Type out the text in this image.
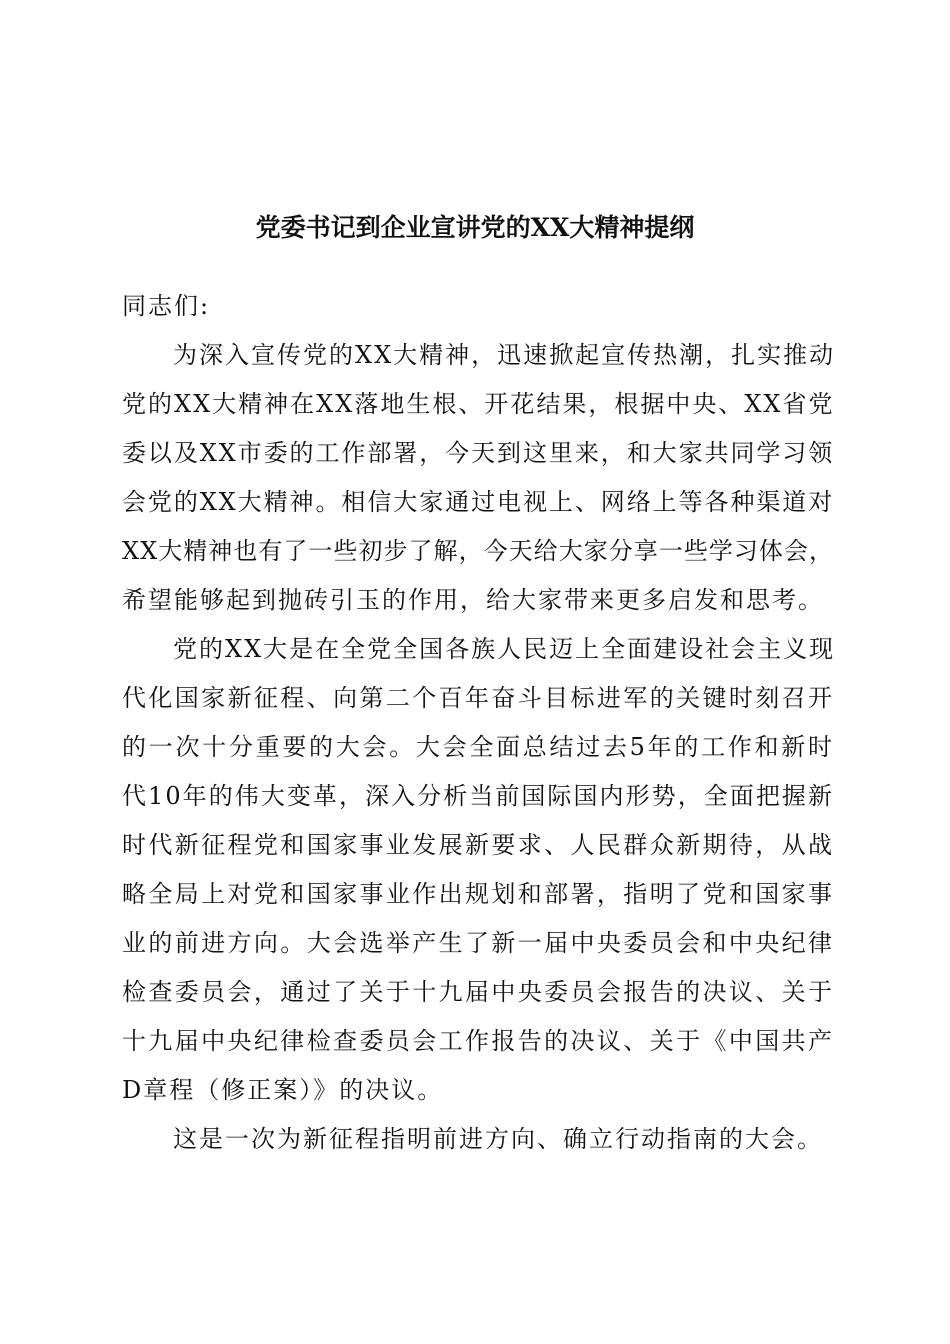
党委书记到企业宣讲党的XX大精神提纲
同志们:
为深入宣传党的XX大精神，迅速掀起宣传热潮，扎实推动
党的XX大精神在XX落地生根、开花结果，根据中央、XX省党
委以及XX市委的工作部署，今天到这里来，和大家共同学习领
会党的XX大精神。相信大家通过电视上、网络上等各种渠道对
XX大精神也有了一些初步了解，今天给大家分享一些学习体会，
希望能够起到抛砖引玉的作用，给大家带来更多启发和思考。
党的XX大是在全党全国各族人民迈上全面建设社会主义现
代化国家新征程、向第二个百年奋斗目标进军的关键时刻召开
的一次十分重要的大会。大会全面总结过去5年的工作和新时
代10年的伟大变革，深入分析当前国际国内形势，全面把握新
时代新征程党和国家事业发展新要求、人民群众新期待，从战
略全局上对党和国家事业作出规划和部署，指明了党和国家事
业的前进方向。大会选举产生了新一届中央委员会和中央纪律
检查委员会，通过了关于十九届中央委员会报告的决议、关于
十九届中央纪律检查委员会工作报告的决议、关于《中国共产
D章程（修正案）》的决议。
这是一次为新征程指明前进方向、确立行动指南的大会。
